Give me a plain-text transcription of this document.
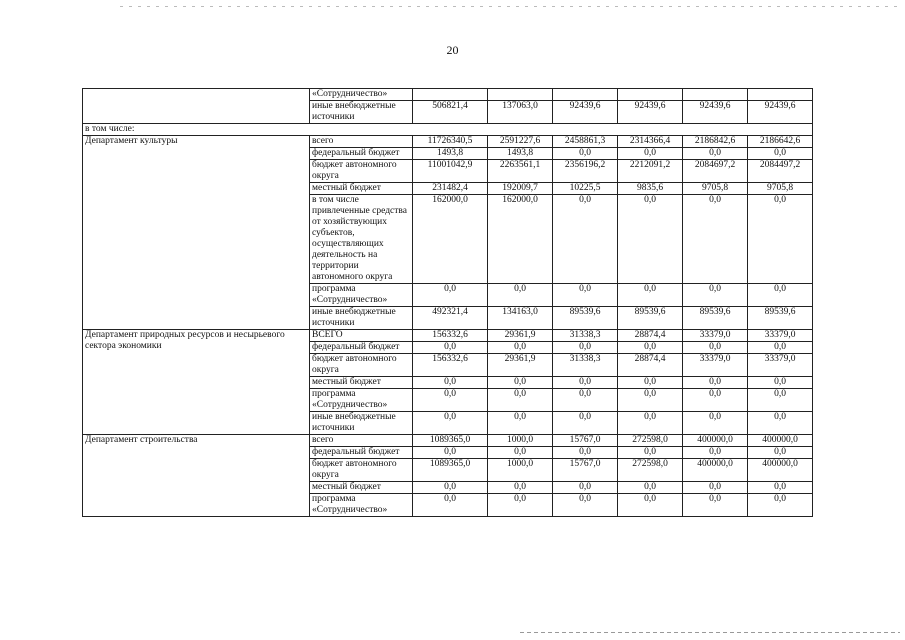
20
	«Сотрудничество»						
	иные внебюджетные источники	506821,4	137063,0	92439,6	92439,6	92439,6	92439,6
в том числе:							
Департамент культуры	всего	11726340,5	2591227,6	2458861,3	2314366,4	2186842,6	2186642,6
	федеральный бюджет	1493,8	1493,8	0,0	0,0	0,0	0,0
	бюджет автономного округа	11001042,9	2263561,1	2356196,2	2212091,2	2084697,2	2084497,2
	местный бюджет	231482,4	192009,7	10225,5	9835,6	9705,8	9705,8
	в том числе привлеченные средства от хозяйствующих субъектов, осуществляющих деятельность на территории автономного округа	162000,0	162000,0	0,0	0,0	0,0	0,0
	программа «Сотрудничество»	0,0	0,0	0,0	0,0	0,0	0,0
	иные внебюджетные источники	492321,4	134163,0	89539,6	89539,6	89539,6	89539,6
Департамент природных ресурсов и несырьевого сектора экономики	ВСЕГО	156332,6	29361,9	31338,3	28874,4	33379,0	33379,0
	федеральный бюджет	0,0	0,0	0,0	0,0	0,0	0,0
	бюджет автономного округа	156332,6	29361,9	31338,3	28874,4	33379,0	33379,0
	местный бюджет	0,0	0,0	0,0	0,0	0,0	0,0
	программа «Сотрудничество»	0,0	0,0	0,0	0,0	0,0	0,0
	иные внебюджетные источники	0,0	0,0	0,0	0,0	0,0	0,0
Департамент строительства	всего	1089365,0	1000,0	15767,0	272598,0	400000,0	400000,0
	федеральный бюджет	0,0	0,0	0,0	0,0	0,0	0,0
	бюджет автономного округа	1089365,0	1000,0	15767,0	272598,0	400000,0	400000,0
	местный бюджет	0,0	0,0	0,0	0,0	0,0	0,0
	программа «Сотрудничество»	0,0	0,0	0,0	0,0	0,0	0,0
